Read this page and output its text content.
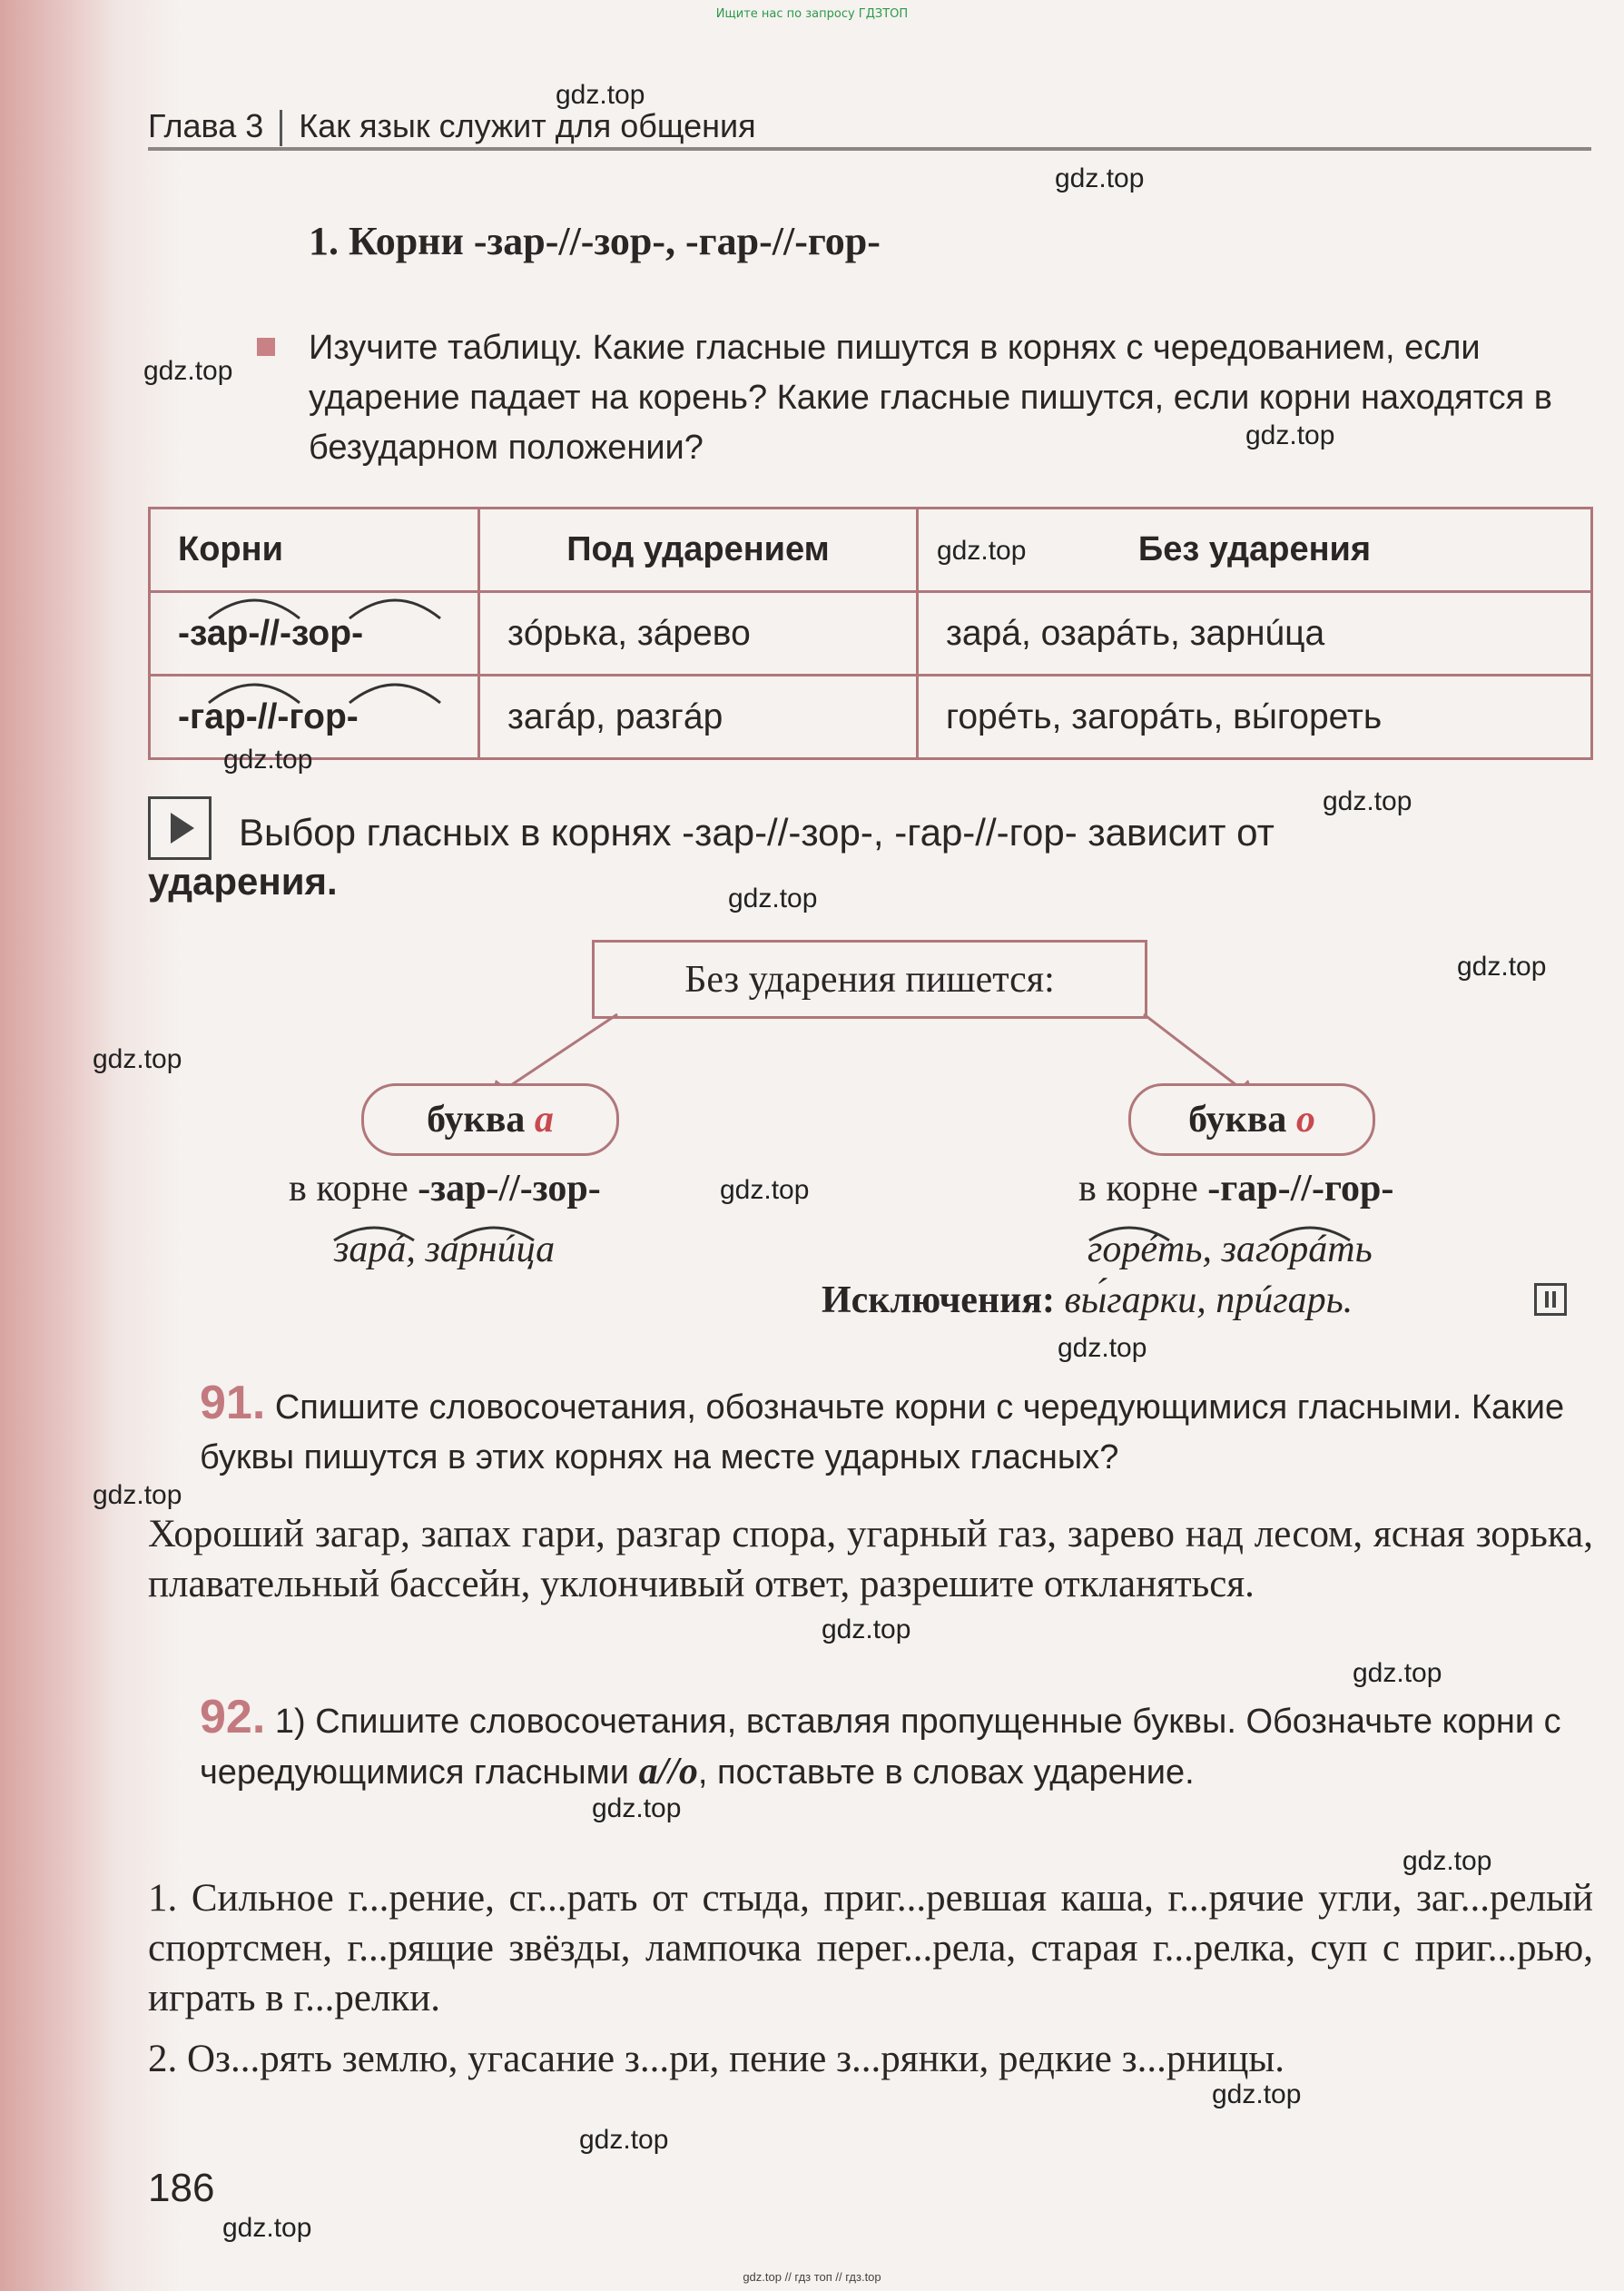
Ищите нас по запросу ГДЗТОП
Глава 3 Как язык служит для общения
1. Корни -зар-//-зор-, -гар-//-гор-
Изучите таблицу. Какие гласные пишутся в корнях с чередованием, если ударение падает на корень? Какие гласные пишутся, если корни находятся в безударном положении?
Корни	Под ударением	Без ударения
-зар-//-зор-	зóрька, зáрево	зарá, озарáть, зарнúца
-гар-//-гор-	загáр, разгáр	горéть, загорáть, вы́гореть
Выбор гласных в корнях -зар-//-зор-, -гар-//-гор- зависит от
ударения.
Без ударения пишется:
буква
а	буква
о
в корне -зар-//-зор-
зарá, зарнúца
в корне -гар-//-гор-
горéть, загорáть
Исключения: вы́гарки, прúгарь.
91. Спишите словосочетания, обозначьте корни с чередующимися гласными. Какие буквы пишутся в этих корнях на месте ударных гласных?
Хороший загар, запах гари, разгар спора, угарный газ, зарево над лесом, ясная зорька, плавательный бассейн, уклончивый ответ, разрешите откланяться.
92. 1) Спишите словосочетания, вставляя пропущенные буквы. Обозначьте корни с чередующимися гласными а//о, поставьте в словах ударение.
1. Сильное г...рение, сг...рать от стыда, приг...ревшая каша, г...рячие угли, заг...релый спортсмен, г...рящие звёзды, лампочка перег...рела, старая г...релка, суп с приг...рью, играть в г...релки.
2. Оз...рять землю, угасание з...ри, пение з...рянки, редкие з...рницы.
186
gdz.top
gdz.top
gdz.top
gdz.top
gdz.top
gdz.top
gdz.top
gdz.top
gdz.top
gdz.top
gdz.top
gdz.top
gdz.top
gdz.top
gdz.top
gdz.top
gdz.top
gdz.top
gdz.top
gdz.top
gdz.top // гдз топ // гдз.top
